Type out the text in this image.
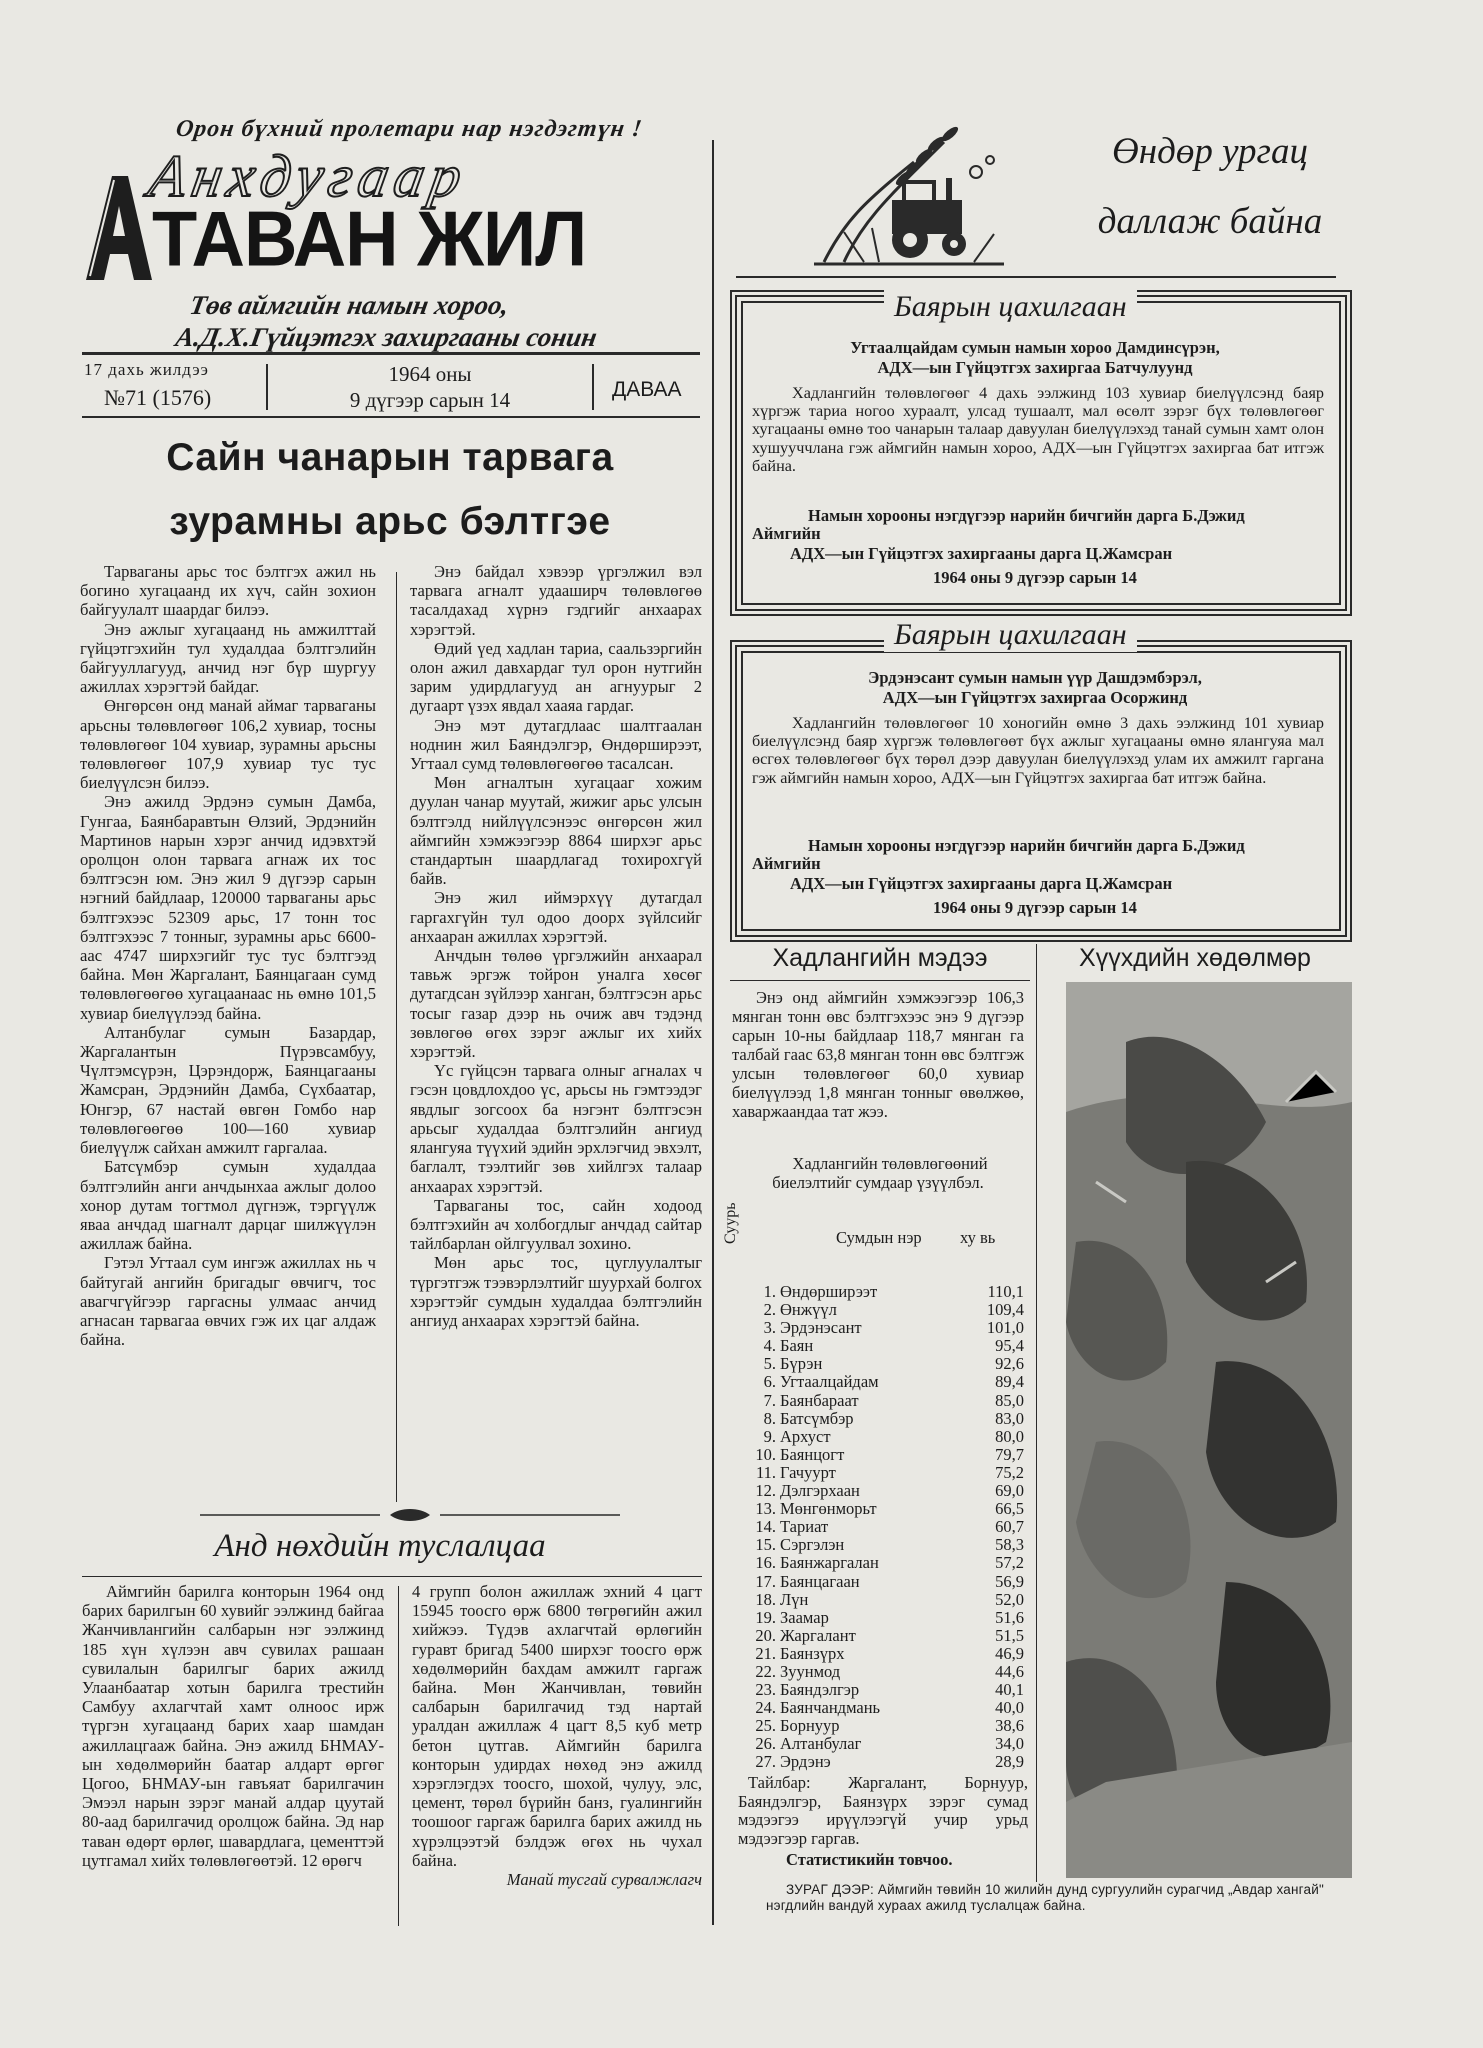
Орон бүхний пролетари нар нэгдэгтүн !
Анхдугаар
ТАВАН ЖИЛ
Төв аймгийн намын хороо,
А.Д.Х.Гүйцэтгэх захиргааны сонин
17 дахь жилдээ
№71 (1576)
1964 оны
9 дүгээр сарын 14	ДАВАА
Өндөр ургац
даллаж байна
Сайн чанарын тарвага
зурамны арьс бэлтгэе

Тарваганы арьс тос бэлтгэх ажил нь богино хугацаанд их хүч, сайн зохион байгуулалт шаардаг билээ.

Энэ ажлыг хугацаанд нь амжилттай гүйцэтгэхийн тул худалдаа бэлтгэлийн байгууллагууд, анчид нэг бүр шургуу ажиллах хэрэгтэй байдаг.

Өнгөрсөн онд манай аймаг тарваганы арьсны төлөвлөгөөг 106,2 хувиар, тосны төлөвлөгөөг 104 хувиар, зурамны арьсны төлөвлөгөөг 107,9 хувиар тус тус биелүүлсэн билээ.

Энэ ажилд Эрдэнэ сумын Дамба, Гунгаа, Баянбаравтын Өлзий, Эрдэнийн Мартинов нарын хэрэг анчид идэвхтэй оролцон олон тарвага агнаж их тос бэлтгэсэн юм. Энэ жил 9 дүгээр сарын нэгний байдлаар, 120000 тарваганы арьс бэлтгэхээс 52309 арьс, 17 тонн тос бэлтгэхээс 7 тонныг, зурамны арьс 6600-аас 4747 ширхэгийг тус тус бэлтгээд байна. Мөн Жаргалант, Баянцагаан сумд төлөвлөгөөгөө хугацаанаас нь өмнө 101,5 хувиар биелүүлээд байна.

Алтанбулаг сумын Базардар, Жаргалантын Пүрэвсамбуу, Чүлтэмсүрэн, Цэрэндорж, Баянцагааны Жамсран, Эрдэнийн Дамба, Сүхбаатар, Юнгэр, 67 настай өвгөн Гомбо нар төлөвлөгөөгөө 100—160 хувиар биелүүлж сайхан амжилт гаргалаа.

Батсүмбэр сумын худалдаа бэлтгэлийн анги анчдынхаа ажлыг долоо хонор дутам тогтмол дүгнэж, тэргүүлж яваа анчдад шагналт дарцаг шилжүүлэн ажиллаж байна.

Гэтэл Угтаал сум ингэж ажиллах нь ч байтугай ангийн бригадыг өвчигч, тос авагчгүйгээр гаргасны улмаас анчид агнасан тарвагаа өвчих гэж их цаг алдаж байна.

Энэ байдал хэвээр үргэлжил вэл тарвага агналт удааширч төлөвлөгөө тасалдахад хүрнэ гэдгийг анхаарах хэрэгтэй.

Өдий үед хадлан тариа, саальзэргийн олон ажил давхардаг тул орон нутгийн зарим удирдлагууд ан агнуурыг 2 дугаарт үзэх явдал хааяа гардаг.

Энэ мэт дутагдлаас шалтгаалан ноднин жил Баяндэлгэр, Өндөрширээт, Угтаал сумд төлөвлөгөөгөө тасалсан.

Мөн агналтын хугацааг хожим дуулан чанар муутай, жижиг арьс улсын бэлтгэлд нийлүүлсэнээс өнгөрсөн жил аймгийн хэмжээгээр 8864 ширхэг арьс стандартын шаардлагад тохирохгүй байв.

Энэ жил иймэрхүү дутагдал гаргахгүйн тул одоо доорх зүйлсийг анхааран ажиллах хэрэгтэй.

Анчдын төлөө үргэлжийн анхаарал тавьж эргэж тойрон уналга хөсөг дутагдсан зүйлээр ханган, бэлтгэсэн арьс тосыг газар дээр нь очиж авч тэдэнд зөвлөгөө өгөх зэрэг ажлыг их хийх хэрэгтэй.

Үс гүйцсэн тарвага олныг агналах ч гэсэн цовдлохдоо үс, арьсы нь гэмтээдэг явдлыг зогсоох ба нэгэнт бэлтгэсэн арьсыг худалдаа бэлтгэлийн ангиуд ялангуяа түүхий эдийн эрхлэгчид эвхэлт, баглалт, тээлтийг зөв хийлгэх талаар анхаарах хэрэгтэй.

Тарваганы тос, сайн ходоод бэлтгэхийн ач холбогдлыг анчдад сайтар тайлбарлан ойлгуулвал зохино.

Мөн арьс тос, цуглуулалтыг түргэтгэж тээвэрлэлтийг шуурхай болгох хэрэгтэйг сумдын худалдаа бэлтгэлийн ангиуд анхаарах хэрэгтэй байна.

Анд нөхдийн туслалцаа

Аймгийн барилга конторын 1964 онд барих барилгын 60 хувийг ээлжинд байгаа Жанчивлангийн салбарын нэг ээлжинд 185 хүн хүлээн авч сувилах рашаан сувилалын барилгыг барих ажилд Улаанбаатар хотын барилга трестийн Самбуу ахлагчтай хамт олноос ирж түргэн хугацаанд барих хаар шамдан ажиллацгааж байна. Энэ ажилд БНМАУ-ын хөдөлмөрийн баатар алдарт өргөг Цогоо, БНМАУ-ын гавъяат барилгачин Эмээл нарын зэрэг манай алдар цуутай 80-аад барилгачид оролцож байна. Эд нар таван өдөрт өрлөг, шавардлага, цементтэй цутгамал хийх төлөвлөгөөтэй. 12 өрөгч

4 групп болон ажиллаж эхний 4 цагт 15945 тоосго өрж 6800 төгрөгийн ажил хийжээ. Түдэв ахлагчтай өрлөгийн гуравт бригад 5400 ширхэг тоосго өрж хөдөлмөрийн бахдам амжилт гаргаж байна. Мөн Жанчивлан, төвийн салбарын барилгачид тэд нартай уралдан ажиллаж 4 цагт 8,5 куб метр бетон цутгав. Аймгийн барилга конторын удирдах нөхөд энэ ажилд хэрэглэгдэх тоосго, шохой, чулуу, элс, цемент, төрөл бүрийн банз, гуалингийн тоошоог гаргаж барилга барих ажилд нь хүрэлцээтэй бэлдэж өгөх нь чухал байна.

Манай тусгай сурвалжлагч

Баярын цахилгаан
Угтаалцайдам сумын намын хороо Дамдинсүрэн,
АДХ—ын Гүйцэтгэх захиргаа Батчулуунд
Хадлангийн төлөвлөгөөг 4 дахь ээлжинд 103 хувиар биелүүлсэнд баяр хүргэж тариа ногоо хураалт, улсад тушаалт, мал өсөлт зэрэг бүх төлөвлөгөөг хугацааны өмнө тоо чанарын талаар давуулан биелүүлэхэд танай сумын хамт олон хушууччлана гэж аймгийн намын хороо, АДХ—ын Гүйцэтгэх захиргаа бат итгэж байна.
Намын хорооны нэгдүгээр нарийн бичгийн дарга Б.Дэжид
Аймгийн
АДХ—ын Гүйцэтгэх захиргааны дарга Ц.Жамсран
1964 оны 9 дүгээр сарын 14
Баярын цахилгаан
Эрдэнэсант сумын намын үүр Дашдэмбэрэл,
АДХ—ын Гүйцэтгэх захиргаа Осоржинд
Хадлангийн төлөвлөгөөг 10 хоногийн өмнө 3 дахь ээлжинд 101 хувиар биелүүлсэнд баяр хүргэж төлөвлөгөөт бүх ажлыг хугацааны өмнө ялангуяа мал өсгөх төлөвлөгөөг бүх төрөл дээр давуулан биелүүлэхэд улам их амжилт гаргана гэж аймгийн намын хороо, АДХ—ын Гүйцэтгэх захиргаа бат итгэж байна.
Намын хорооны нэгдүгээр нарийн бичгийн дарга Б.Дэжид
Аймгийн
АДХ—ын Гүйцэтгэх захиргааны дарга Ц.Жамсран
1964 оны 9 дүгээр сарын 14
Хадлангийн мэдээ
Энэ онд аймгийн хэмжээгээр 106,3 мянган тонн өвс бэлтгэхээс энэ 9 дүгээр сарын 10-ны байдлаар 118,7 мянган га талбай гаас 63,8 мянган тонн өвс бэлтгэж улсын төлөвлөгөөг 60,0 хувиар биелүүлээд 1,8 мянган тонныг өвөлжөө, хаваржаандаа тат жээ.
Хадлангийн төлөвлөгөөний биелэлтийг сумдаар үзүүлбэл.
Суурь	Сумдын нэр	ху вь
1.	Өндөрширээт	110,1
2.	Өнжүүл	109,4
3.	Эрдэнэсант	101,0
4.	Баян	95,4
5.	Бүрэн	92,6
6.	Угтаалцайдам	89,4
7.	Баянбараат	85,0
8.	Батсүмбэр	83,0
9.	Архуст	80,0
10.	Баянцогт	79,7
11.	Гачуурт	75,2
12.	Дэлгэрхаан	69,0
13.	Мөнгөнморьт	66,5
14.	Тариат	60,7
15.	Сэргэлэн	58,3
16.	Баянжаргалан	57,2
17.	Баянцагаан	56,9
18.	Лүн	52,0
19.	Заамар	51,6
20.	Жаргалант	51,5
21.	Баянзүрх	46,9
22.	Зуунмод	44,6
23.	Баяндэлгэр	40,1
24.	Баянчандмань	40,0
25.	Борнуур	38,6
26.	Алтанбулаг	34,0
27.	Эрдэнэ	28,9
Тайлбар: Жаргалант, Борнуур, Баяндэлгэр, Баянзүрх зэрэг сумад мэдээгээ ирүүлээгүй учир урьд мэдээгээр гаргав.
Статистикийн товчоо.
Хүүхдийн хөдөлмөр
ЗУРАГ ДЭЭР: Аймгийн төвийн 10 жилийн дунд сургуулийн сурагчид „Авдар хангай" нэгдлийн вандуй хураах ажилд туслалцаж байна.
